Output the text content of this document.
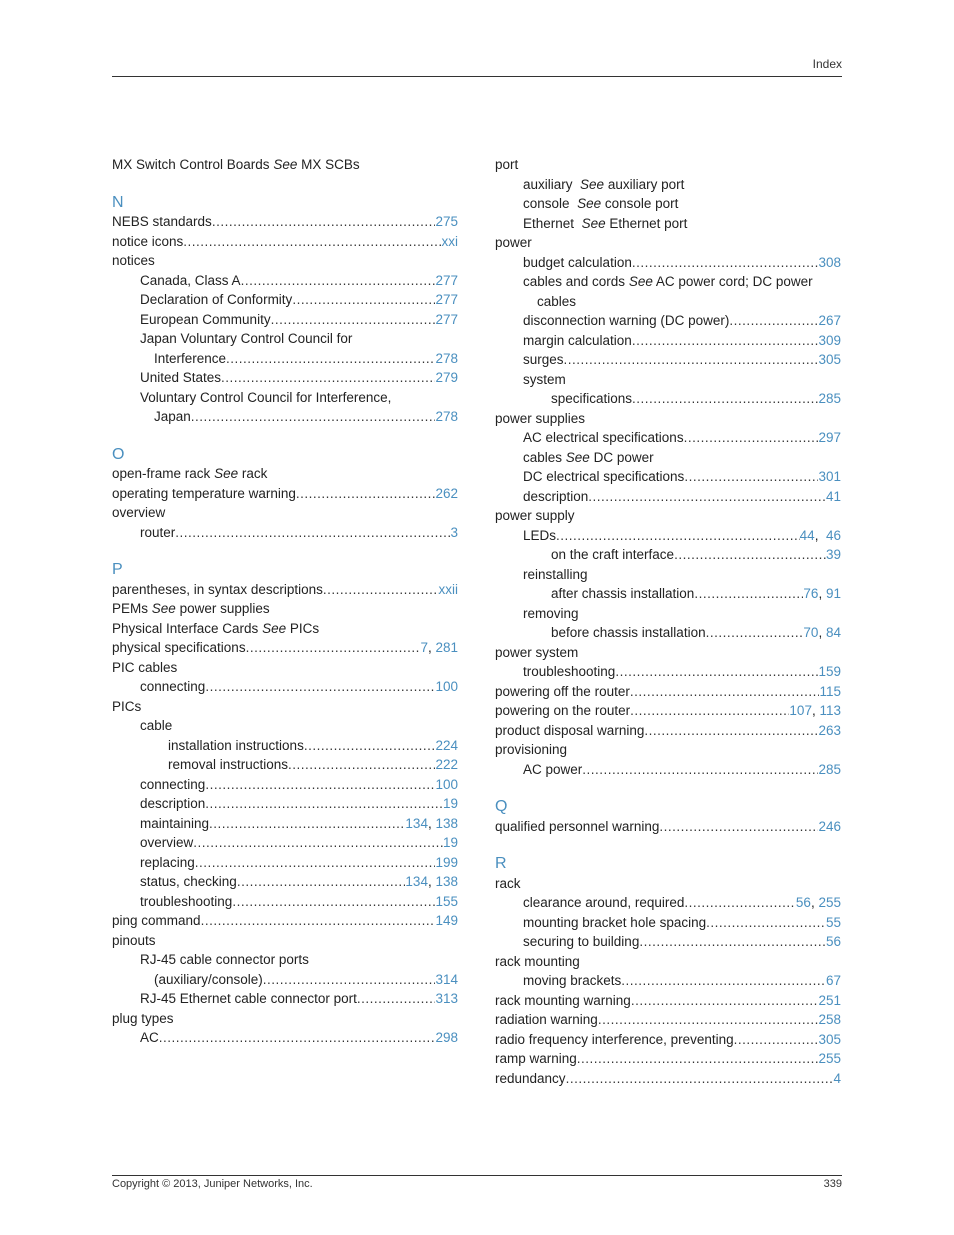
Index
MX Switch Control Boards See MX SCBs
N
NEBS standards .....	275
notice icons .....	xxi
notices
Canada, Class A .....	277
Declaration of Conformity .....	277
European Community .....	277
Japan Voluntary Control Council for
Interference .....	278
United States .....	279
Voluntary Control Council for Interference,
Japan .....	278
O
open-frame rack See rack
operating temperature warning .....	262
overview
router .....	3
P
parentheses, in syntax descriptions .....	xxii
PEMs See power supplies
Physical Interface Cards See PICs
physical specifications .....	7, 281
PIC cables
connecting .....	100
PICs
cable
installation instructions .....	224
removal instructions .....	222
connecting .....	100
description .....	19
maintaining .....	134, 138
overview .....	19
replacing .....	199
status, checking .....	134, 138
troubleshooting .....	155
ping command .....	149
pinouts
RJ-45 cable connector ports
(auxiliary/console) .....	314
RJ-45 Ethernet cable connector port .....	313
plug types
AC .....	298
port
auxiliary See auxiliary port
console See console port
Ethernet See Ethernet port
power
budget calculation .....	308
cables and cords See AC power cord; DC power
cables
disconnection warning (DC power) .....	267
margin calculation .....	309
surges .....	305
system
specifications .....	285
power supplies
AC electrical specifications .....	297
cables See DC power
DC electrical specifications .....	301
description .....	41
power supply
LEDs .....	44,  46
on the craft interface .....	39
reinstalling
after chassis installation .....	76, 91
removing
before chassis installation .....	70, 84
power system
troubleshooting .....	159
powering off the router .....	115
powering on the router .....	107, 113
product disposal warning .....	263
provisioning
AC power .....	285
Q
qualified personnel warning .....	246
R
rack
clearance around, required .....	56, 255
mounting bracket hole spacing .....	55
securing to building .....	56
rack mounting
moving brackets .....	67
rack mounting warning .....	251
radiation warning .....	258
radio frequency interference, preventing .....	305
ramp warning .....	255
redundancy .....	4
Copyright © 2013, Juniper Networks, Inc.	339
